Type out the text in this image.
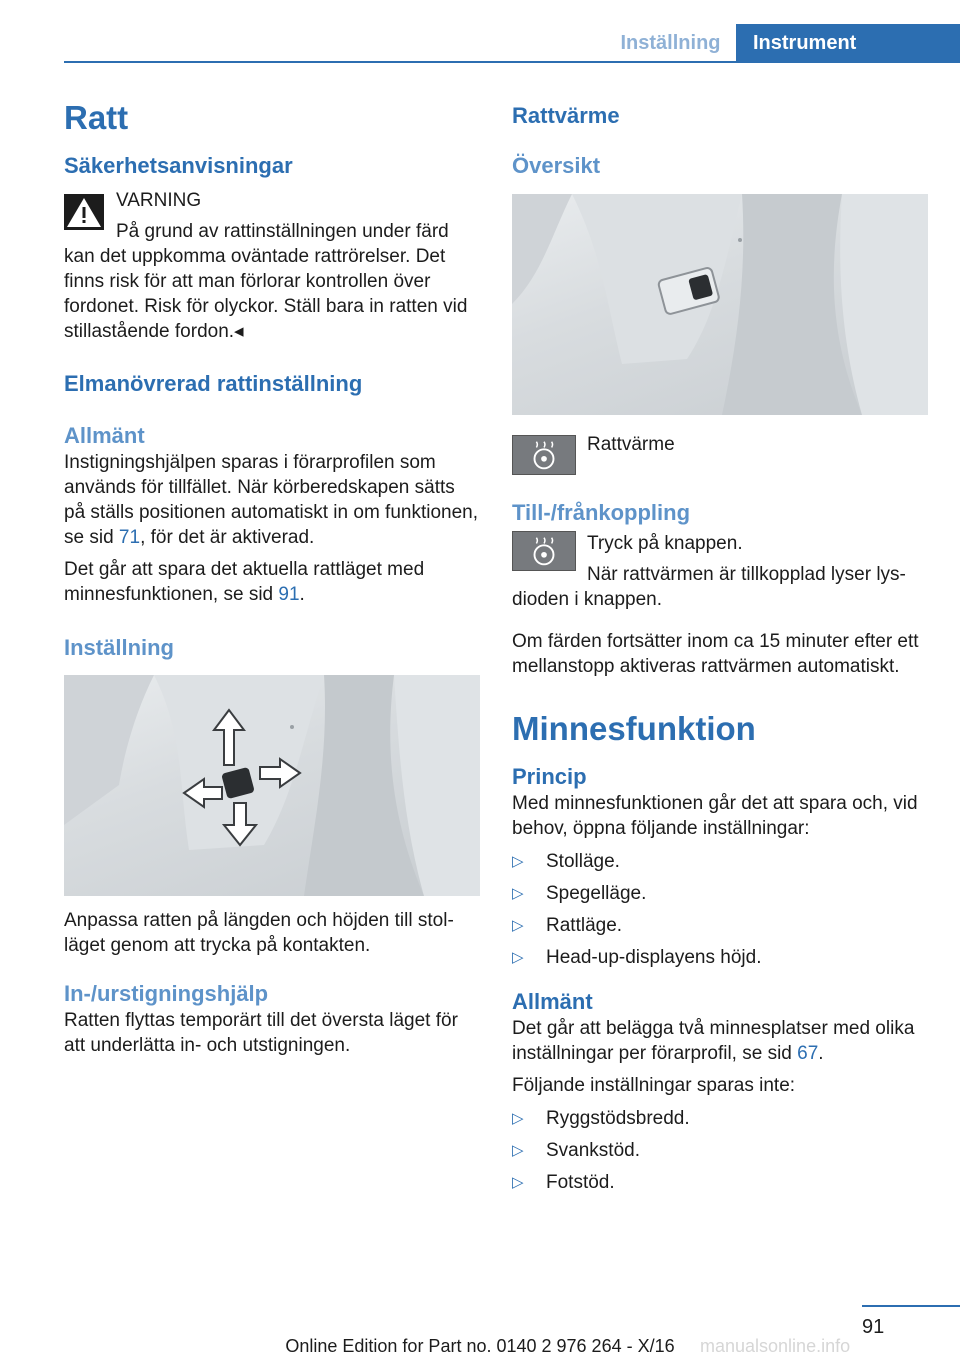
Inställning	Instrument
Ratt
Säkerhetsanvisningar
VARNING
På grund av rattinställningen under färd kan det uppkomma oväntade rattrörelser. Det finns risk för att man förlorar kontrollen över fordonet. Risk för olyckor. Ställ bara in ratten vid stillastående fordon.◂
Elmanövrerad rattinställning
Allmänt

Instigningshjälpen sparas i förarprofilen som används för tillfället. När körberedskapen sätts på ställs positionen automatiskt in om funktionen, se sid 71, för det är aktiverad.

Det går att spara det aktuella rattläget med minnesfunktionen, se sid 91.

Inställning

Anpassa ratten på längden och höjden till stolläget genom att trycka på kontakten.

In-/urstigningshjälp

Ratten flyttas temporärt till det översta läget för att underlätta in- och utstigningen.

Rattvärme
Översikt
Rattvärme
Till-/frånkoppling
Tryck på knappen.
När rattvärmen är tillkopplad lyser lysdioden i knappen.

Om färden fortsätter inom ca 15 minuter efter ett mellanstopp aktiveras rattvärmen automatiskt.

Minnesfunktion
Princip

Med minnesfunktionen går det att spara och, vid behov, öppna följande inställningar:

▷ Stolläge.
▷ Spegelläge.
▷ Rattläge.
▷ Head-up-displayens höjd.
Allmänt

Det går att belägga två minnesplatser med olika inställningar per förarprofil, se sid 67.

Följande inställningar sparas inte:

▷ Ryggstödsbredd.
▷ Svankstöd.
▷ Fotstöd.
91
Online Edition for Part no. 0140 2 976 264 - X/16	manualsonline.info
